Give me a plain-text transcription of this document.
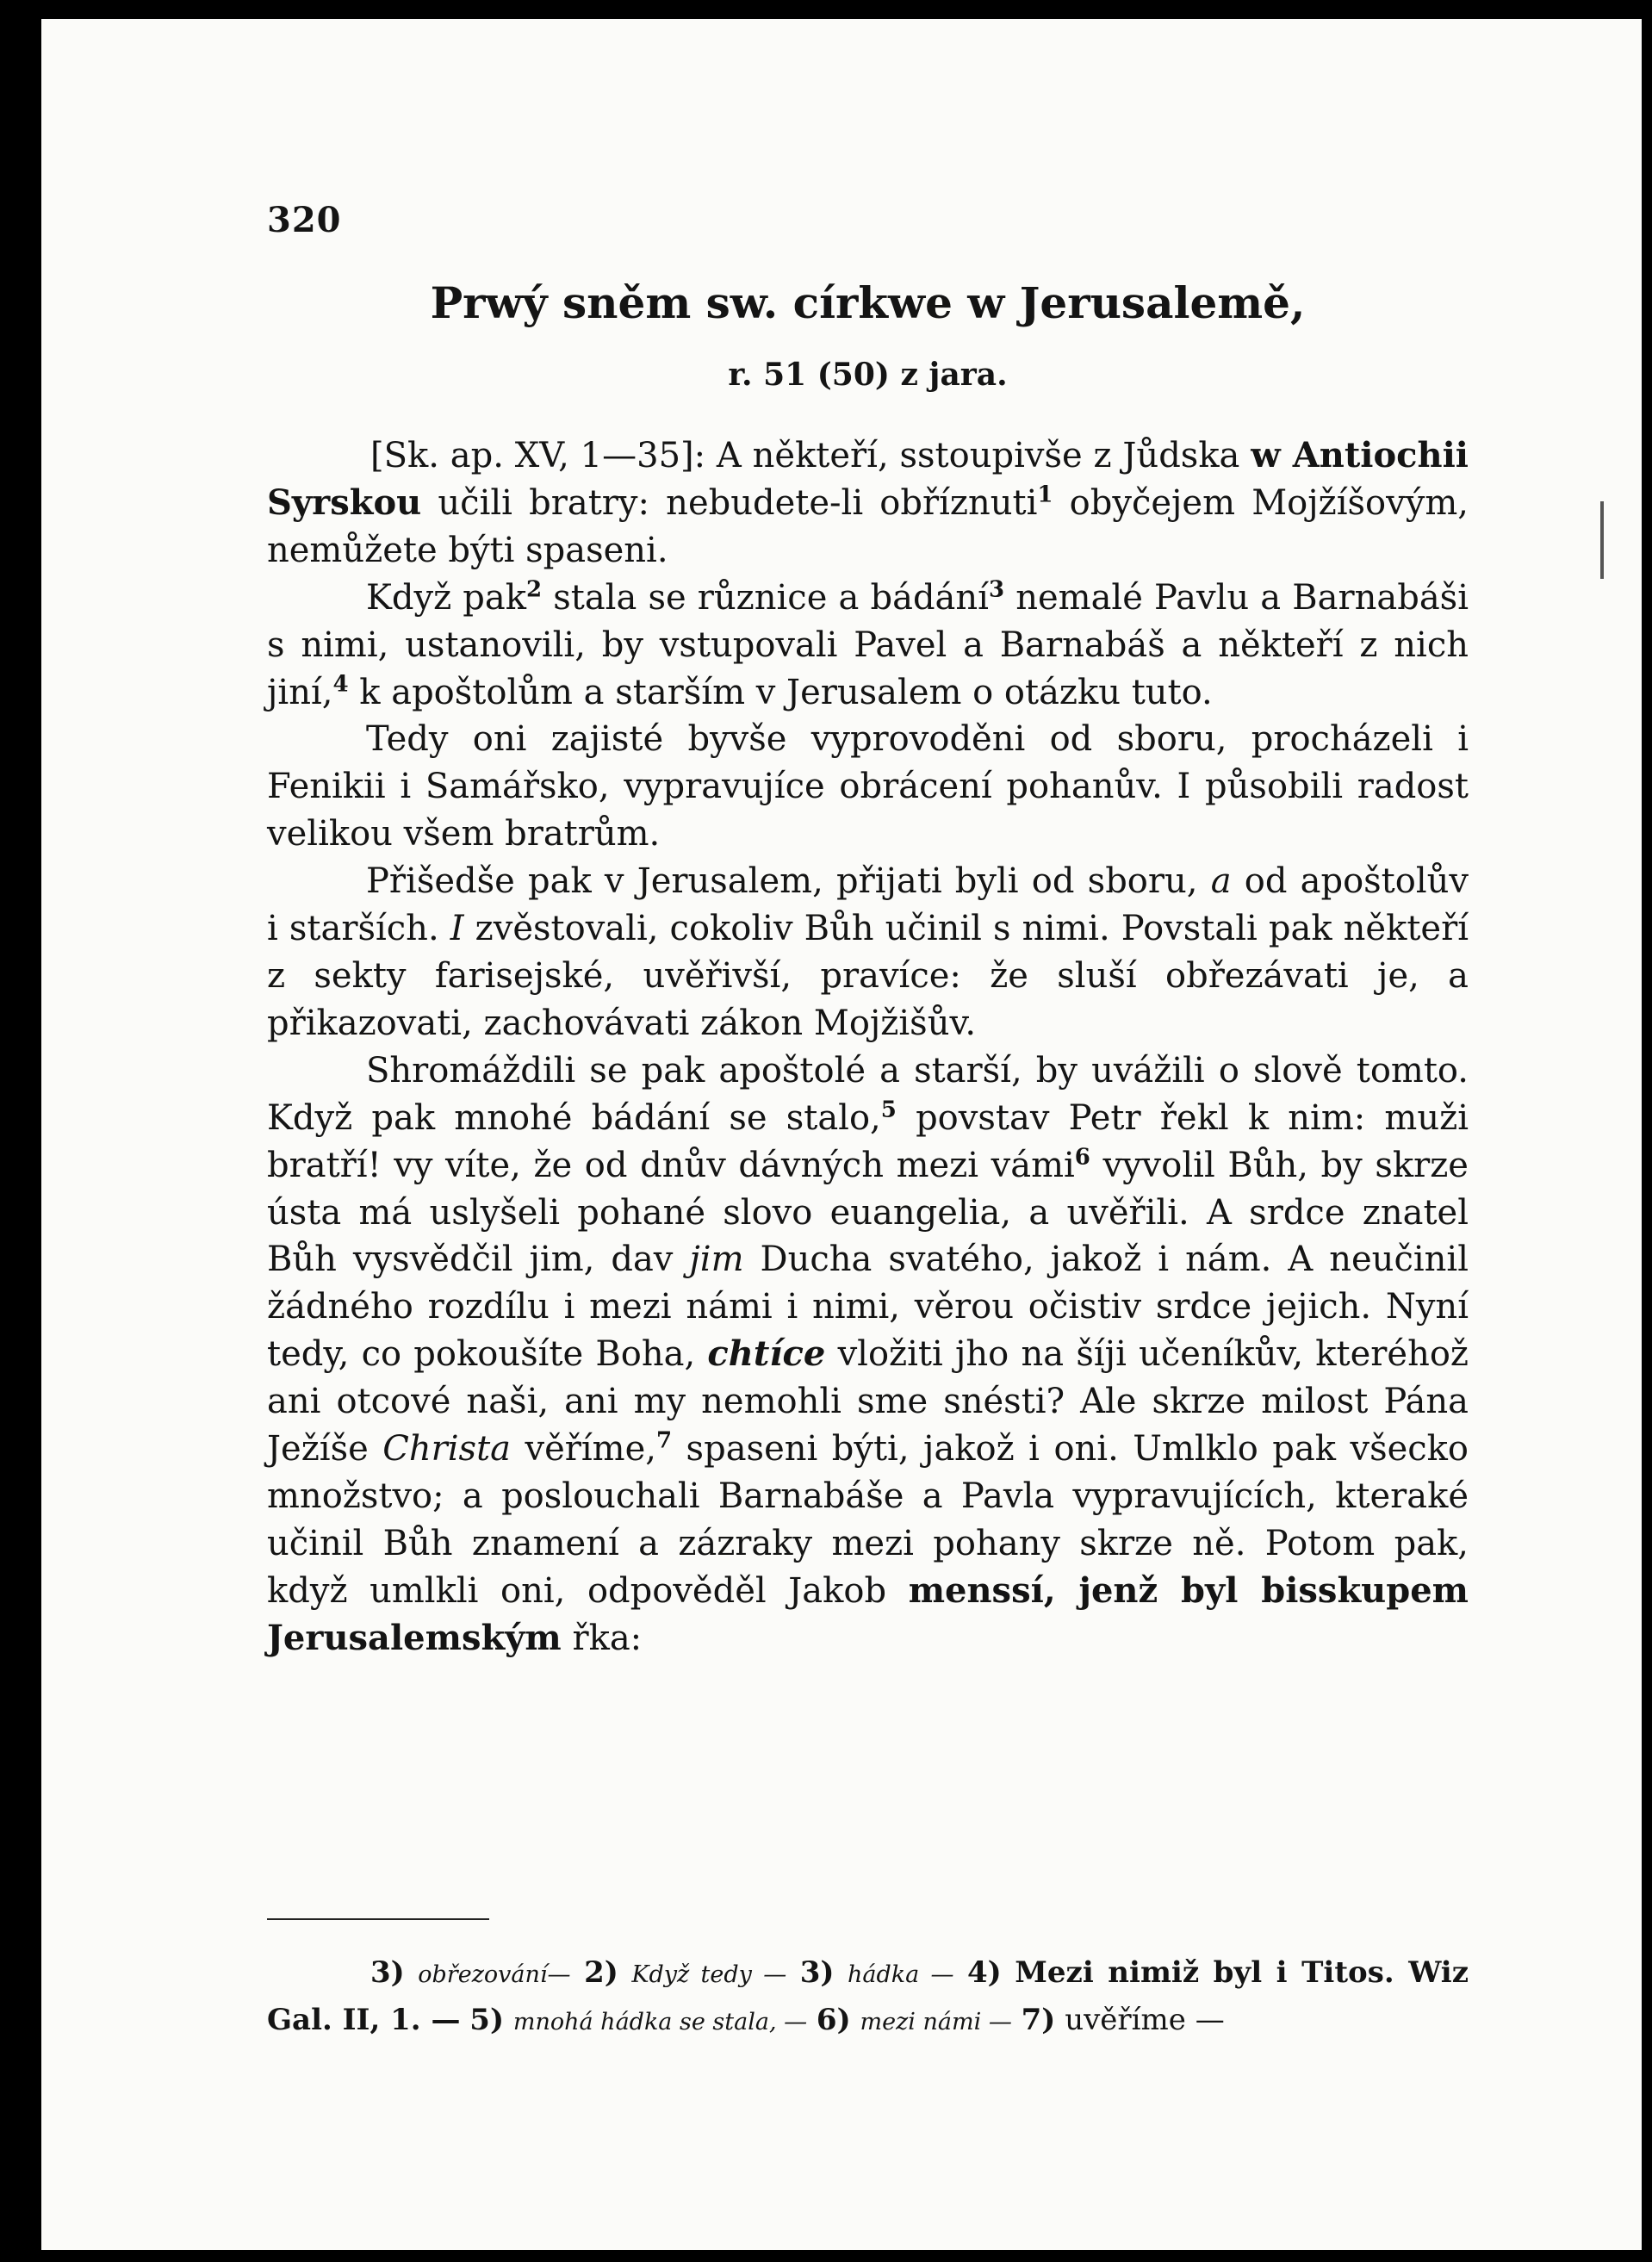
320
Prwý sněm sw. církwe w Jerusalemě,
r. 51 (50) z jara.

[Sk. ap. XV, 1—35]: A někteří, sstoupivše z Jůdska w Antiochii Syrskou učili bratry: nebudete-li obříznuti$^1$ obyčejem Mojžíšovým, nemůžete býti spaseni.

Když pak$^2$ stala se různice a bádání$^3$ nemalé Pavlu a Barnabáši s nimi, ustanovili, by vstupovali Pavel a Barnabáš a někteří z nich jiní,$^4$ k apoštolům a starším v Jerusalem o otázku tuto.

Tedy oni zajisté byvše vyprovoděni od sboru, procházeli i Fenikii i Samářsko, vypravujíce obrácení pohanův. I působili radost velikou všem bratrům.

Přišedše pak v Jerusalem, přijati byli od sboru, a od apoštolův i starších. I zvěstovali, cokoliv Bůh učinil s nimi. Povstali pak někteří z sekty farisejské, uvěřivší, pravíce: že sluší obřezávati je, a přikazovati, zachovávati zákon Mojžišův.

Shromáždili se pak apoštolé a starší, by uvážili o slově tomto. Když pak mnohé bádání se stalo,$^5$ povstav Petr řekl k nim: muži bratří! vy víte, že od dnův dávných mezi vámi$^6$ vyvolil Bůh, by skrze ústa má uslyšeli pohané slovo euangelia, a uvěřili. A srdce znatel Bůh vysvědčil jim, dav jim Ducha svatého, jakož i nám. A neučinil žádného rozdílu i mezi námi i nimi, věrou očistiv srdce jejich. Nyní tedy, co pokoušíte Boha, chtíce vložiti jho na šíji učeníkův, kteréhož ani otcové naši, ani my nemohli sme snésti? Ale skrze milost Pána Ježíše Christa věříme,$^7$ spaseni býti, jakož i oni. Umlklo pak všecko množstvo; a poslouchali Barnabáše a Pavla vypravujících, kteraké učinil Bůh znamení a zázraky mezi pohany skrze ně. Potom pak, když umlkli oni, odpověděl Jakob menssí, jenž byl bisskupem Jerusalemským řka:

3) obřezování— 2) Když tedy — 3) hádka — 4) Mezi nimiž byl i Titos. Wiz Gal. II, 1. — 5) mnohá hádka se stala, — 6) mezi námi — 7) uvěříme —
